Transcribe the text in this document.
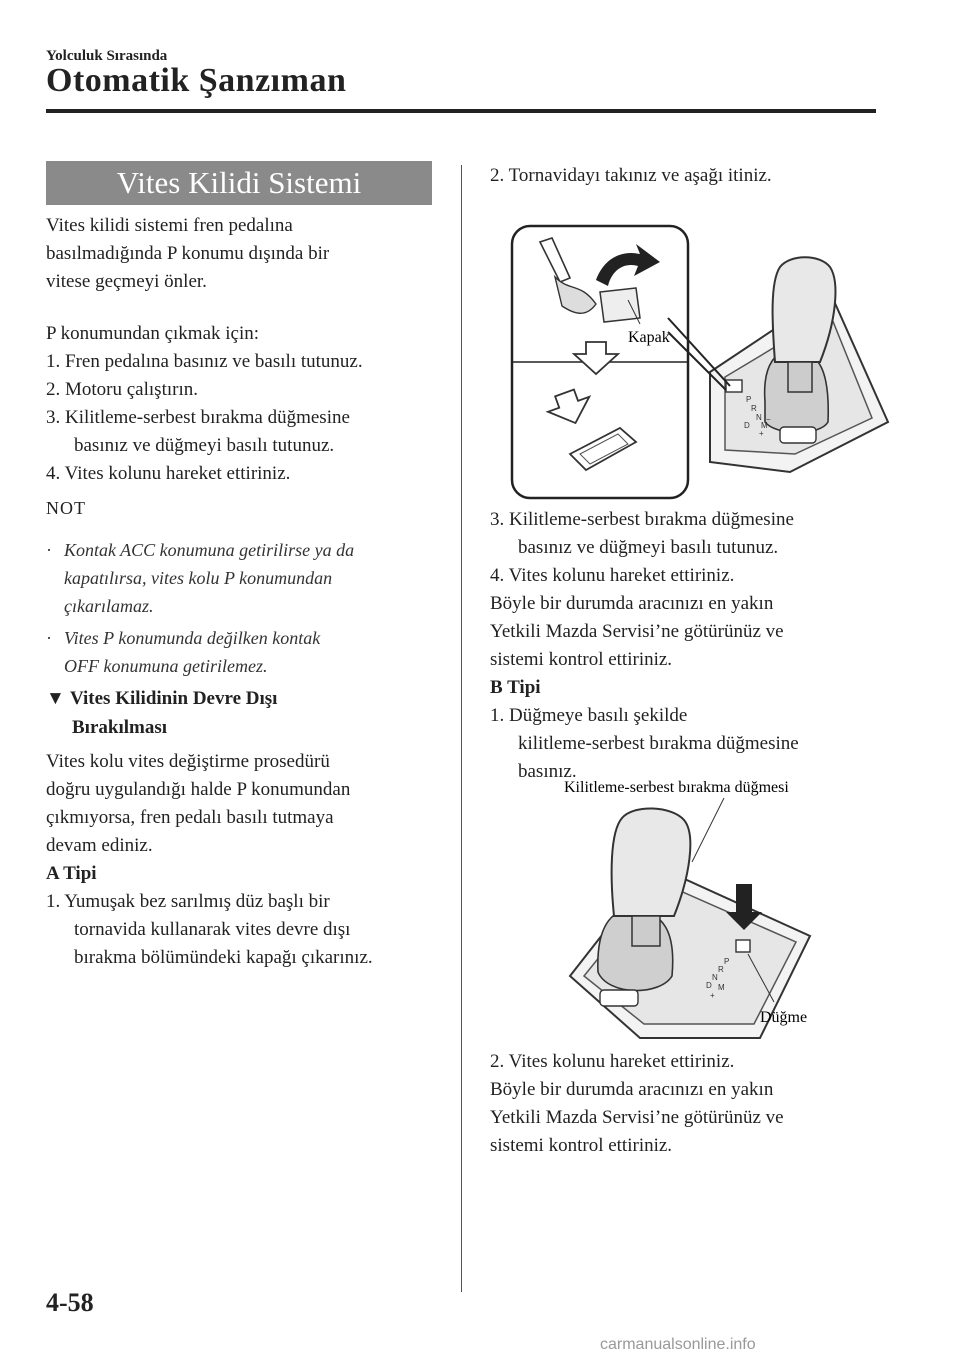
Yolculuk Sırasında
Otomatik Şanzıman
Vites Kilidi Sistemi
Vites kilidi sistemi fren pedalına
basılmadığında P konumu dışında bir
vitese geçmeyi önler.
P konumundan çıkmak için:
1. Fren pedalına basınız ve basılı tutunuz.
2. Motoru çalıştırın.
3. Kilitleme-serbest bırakma düğmesine
basınız ve düğmeyi basılı tutunuz.
4. Vites kolunu hareket ettiriniz.
NOT
· Kontak ACC konumuna getirilirse ya da
kapatılırsa, vites kolu P konumundan
çıkarılamaz.
· Vites P konumunda değilken kontak
OFF konumuna getirilemez.
▼ Vites Kilidinin Devre Dışı
Bırakılması
Vites kolu vites değiştirme prosedürü
doğru uygulandığı halde P konumundan
çıkmıyorsa, fren pedalı basılı tutmaya
devam ediniz.
A Tipi
1. Yumuşak bez sarılmış düz başlı bir
tornavida kullanarak vites devre dışı
bırakma bölümündeki kapağı çıkarınız.
2. Tornavidayı takınız ve aşağı itiniz.
P
R
N
D M
+
−
Kapak
3. Kilitleme-serbest bırakma düğmesine
basınız ve düğmeyi basılı tutunuz.
4. Vites kolunu hareket ettiriniz.
Böyle bir durumda aracınızı en yakın
Yetkili Mazda Servisi’ne götürünüz ve
sistemi kontrol ettiriniz.
B Tipi
1. Düğmeye basılı şekilde
kilitleme-serbest bırakma düğmesine
basınız.
Kilitleme-serbest bırakma düğmesi
P
R
N
D M
+
Düğme
2. Vites kolunu hareket ettiriniz.
Böyle bir durumda aracınızı en yakın
Yetkili Mazda Servisi’ne götürünüz ve
sistemi kontrol ettiriniz.
4-58
carmanualsonline.info
